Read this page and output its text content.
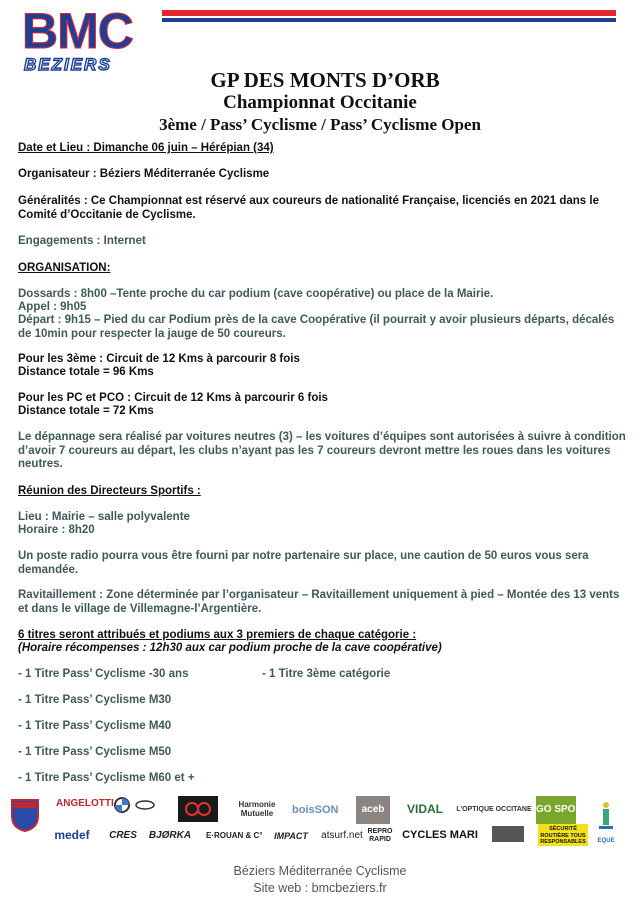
BMC
BEZIERS
GP DES MONTS D’ORB
Championnat Occitanie
3ème / Pass’ Cyclisme / Pass’ Cyclisme Open
Date et Lieu : Dimanche 06 juin – Hérépian (34)
Organisateur : Béziers Méditerranée Cyclisme
Généralités : Ce Championnat est réservé aux coureurs de nationalité Française, licenciés en 2021 dans le Comité d’Occitanie de Cyclisme.
Engagements : Internet
ORGANISATION:
Dossards : 8h00 –Tente proche du car podium (cave coopérative) ou place de la Mairie.
Appel : 9h05
Départ : 9h15 – Pied du car Podium près de la cave Coopérative (il pourrait y avoir plusieurs départs, décalés de 10min pour respecter la jauge de 50 coureurs.
Pour les 3ème : Circuit de 12 Kms à parcourir 8 fois
Distance totale = 96 Kms
Pour les PC et PCO : Circuit de 12 Kms à parcourir 6 fois
Distance totale = 72 Kms
Le dépannage sera réalisé par voitures neutres (3) – les voitures d’équipes sont autorisées à suivre à condition d’avoir 7 coureurs au départ, les clubs n’ayant pas les 7 coureurs devront mettre les roues dans les voitures neutres.
Réunion des Directeurs Sportifs :
Lieu : Mairie – salle polyvalente
Horaire : 8h20
Un poste radio pourra vous être fourni par notre partenaire sur place, une caution de 50 euros vous sera demandée.
Ravitaillement : Zone déterminée par l’organisateur – Ravitaillement uniquement à pied – Montée des 13 vents et dans le village de Villemagne-l’Argentière.
6 titres seront attribués et podiums aux 3 premiers de chaque catégorie :
(Horaire récompenses : 12h30 aux car podium proche de la cave coopérative)
- 1 Titre Pass’ Cyclisme -30 ans	- 1 Titre 3ème catégorie
- 1 Titre Pass’ Cyclisme M30
- 1 Titre Pass’ Cyclisme M40
- 1 Titre Pass’ Cyclisme M50
- 1 Titre Pass’ Cyclisme M60 et +
ANGELOTTI	Harmonie Mutuelle	boisSON	aceb	VIDAL	L’OPTIQUE OCCITANE GO SPORT
medef	CRES BJØRKA	E·ROUAN & C°	IMPACT	atsurf.net REPRO RAPID CYCLES MARI	SÉCURITÉ ROUTIÈRE TOUS RESPONSABLES	EQUE
Béziers Méditerranée Cyclisme
Site web : bmcbeziers.fr
